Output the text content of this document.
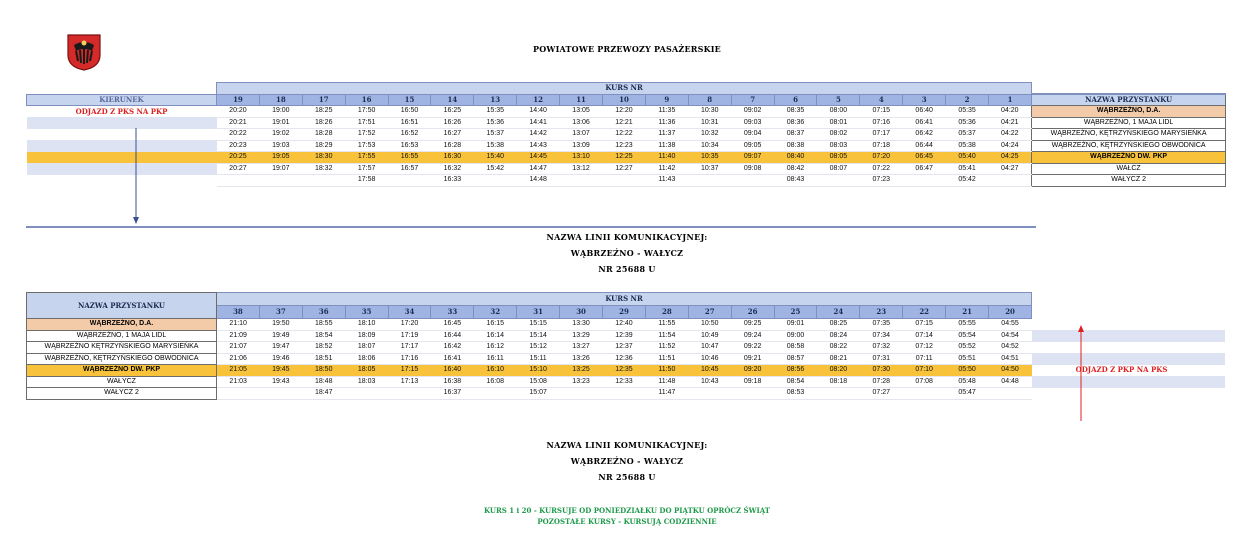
POWIATOWE PRZEWOZY PASAŻERSKIE
	KURS NR																			
KIERUNEK	19	18	17	16	15	14	13	12	11	10	9	8	7	6	5	4	3	2	1	NAZWA PRZYSTANKU
ODJAZD Z PKS NA PKP	20:20	19:00	18:25	17:50	16:50	16:25	15:35	14:40	13:05	12:20	11:35	10:30	09:02	08:35	08:00	07:15	06:40	05:35	04:20	WĄBRZEŹNO, D.A.
	20:21	19:01	18:26	17:51	16:51	16:26	15:36	14:41	13:06	12:21	11:36	10:31	09:03	08:36	08:01	07:16	06:41	05:36	04:21	WĄBRZEŹNO, 1 MAJA LIDL
	20:22	19:02	18:28	17:52	16:52	16:27	15:37	14:42	13:07	12:22	11:37	10:32	09:04	08:37	08:02	07:17	06:42	05:37	04:22	WĄBRZEŹNO, KĘTRZYŃSKIEGO MARYSIEŃKA
	20:23	19:03	18:29	17:53	16:53	16:28	15:38	14:43	13:09	12:23	11:38	10:34	09:05	08:38	08:03	07:18	06:44	05:38	04:24	WĄBRZEŹNO, KĘTRZYŃSKIEGO OBWODNICA
	20:25	19:05	18:30	17:55	16:55	16:30	15:40	14:45	13:10	12:25	11:40	10:35	09:07	08:40	08:05	07:20	06:45	05:40	04:25	WĄBRZEŹNO DW. PKP
	20:27	19:07	18:32	17:57	16:57	16:32	15:42	14:47	13:12	12:27	11:42	10:37	09:08	08:42	08:07	07:22	06:47	05:41	04:27	WAŁCZ
				17:58		16:33		14:48			11:43			08:43		07:23		05:42		WAŁYCZ 2
NAZWA LINII KOMUNIKACYJNEJ:
WĄBRZEŹNO - WAŁYCZ
NR 25688 U
NAZWA PRZYSTANKU	KURS NR																			
	38	37	36	35	34	33	32	31	30	29	28	27	26	25	24	23	22	21	20	
WĄBRZEŹNO, D.A.	21:10	19:50	18:55	18:10	17:20	16:45	16:15	15:15	13:30	12:40	11:55	10:50	09:25	09:01	08:25	07:35	07:15	05:55	04:55	
WĄBRZEŹNO, 1 MAJA LIDL	21:09	19:49	18:54	18:09	17:19	16:44	16:14	15:14	13:29	12:39	11:54	10:49	09:24	09:00	08:24	07:34	07:14	05:54	04:54	
WĄBRZEŹNO KĘTRZYŃSKIEGO MARYSIEŃKA	21:07	19:47	18:52	18:07	17:17	16:42	16:12	15:12	13:27	12:37	11:52	10:47	09:22	08:58	08:22	07:32	07:12	05:52	04:52	
WĄBRZEŹNO, KĘTRZYŃSKIEGO OBWODNICA	21:06	19:46	18:51	18:06	17:16	16:41	16:11	15:11	13:26	12:36	11:51	10:46	09:21	08:57	08:21	07:31	07:11	05:51	04:51	
WĄBRZEŹNO DW. PKP	21:05	19:45	18:50	18:05	17:15	16:40	16:10	15:10	13:25	12:35	11:50	10:45	09:20	08:56	08:20	07:30	07:10	05:50	04:50	ODJAZD Z PKP NA PKS
WAŁYCZ	21:03	19:43	18:48	18:03	17:13	16:38	16:08	15:08	13:23	12:33	11:48	10:43	09:18	08:54	08:18	07:28	07:08	05:48	04:48	
WAŁYCZ 2			18:47			16:37		15:07			11:47			08:53		07:27		05:47		
NAZWA LINII KOMUNIKACYJNEJ:
WĄBRZEŹNO - WAŁYCZ
NR 25688 U
KURS 1 i 20 - KURSUJE OD PONIEDZIAŁKU DO PIĄTKU OPRÓCZ ŚWIĄT
POZOSTAŁE KURSY - KURSUJĄ CODZIENNIE
